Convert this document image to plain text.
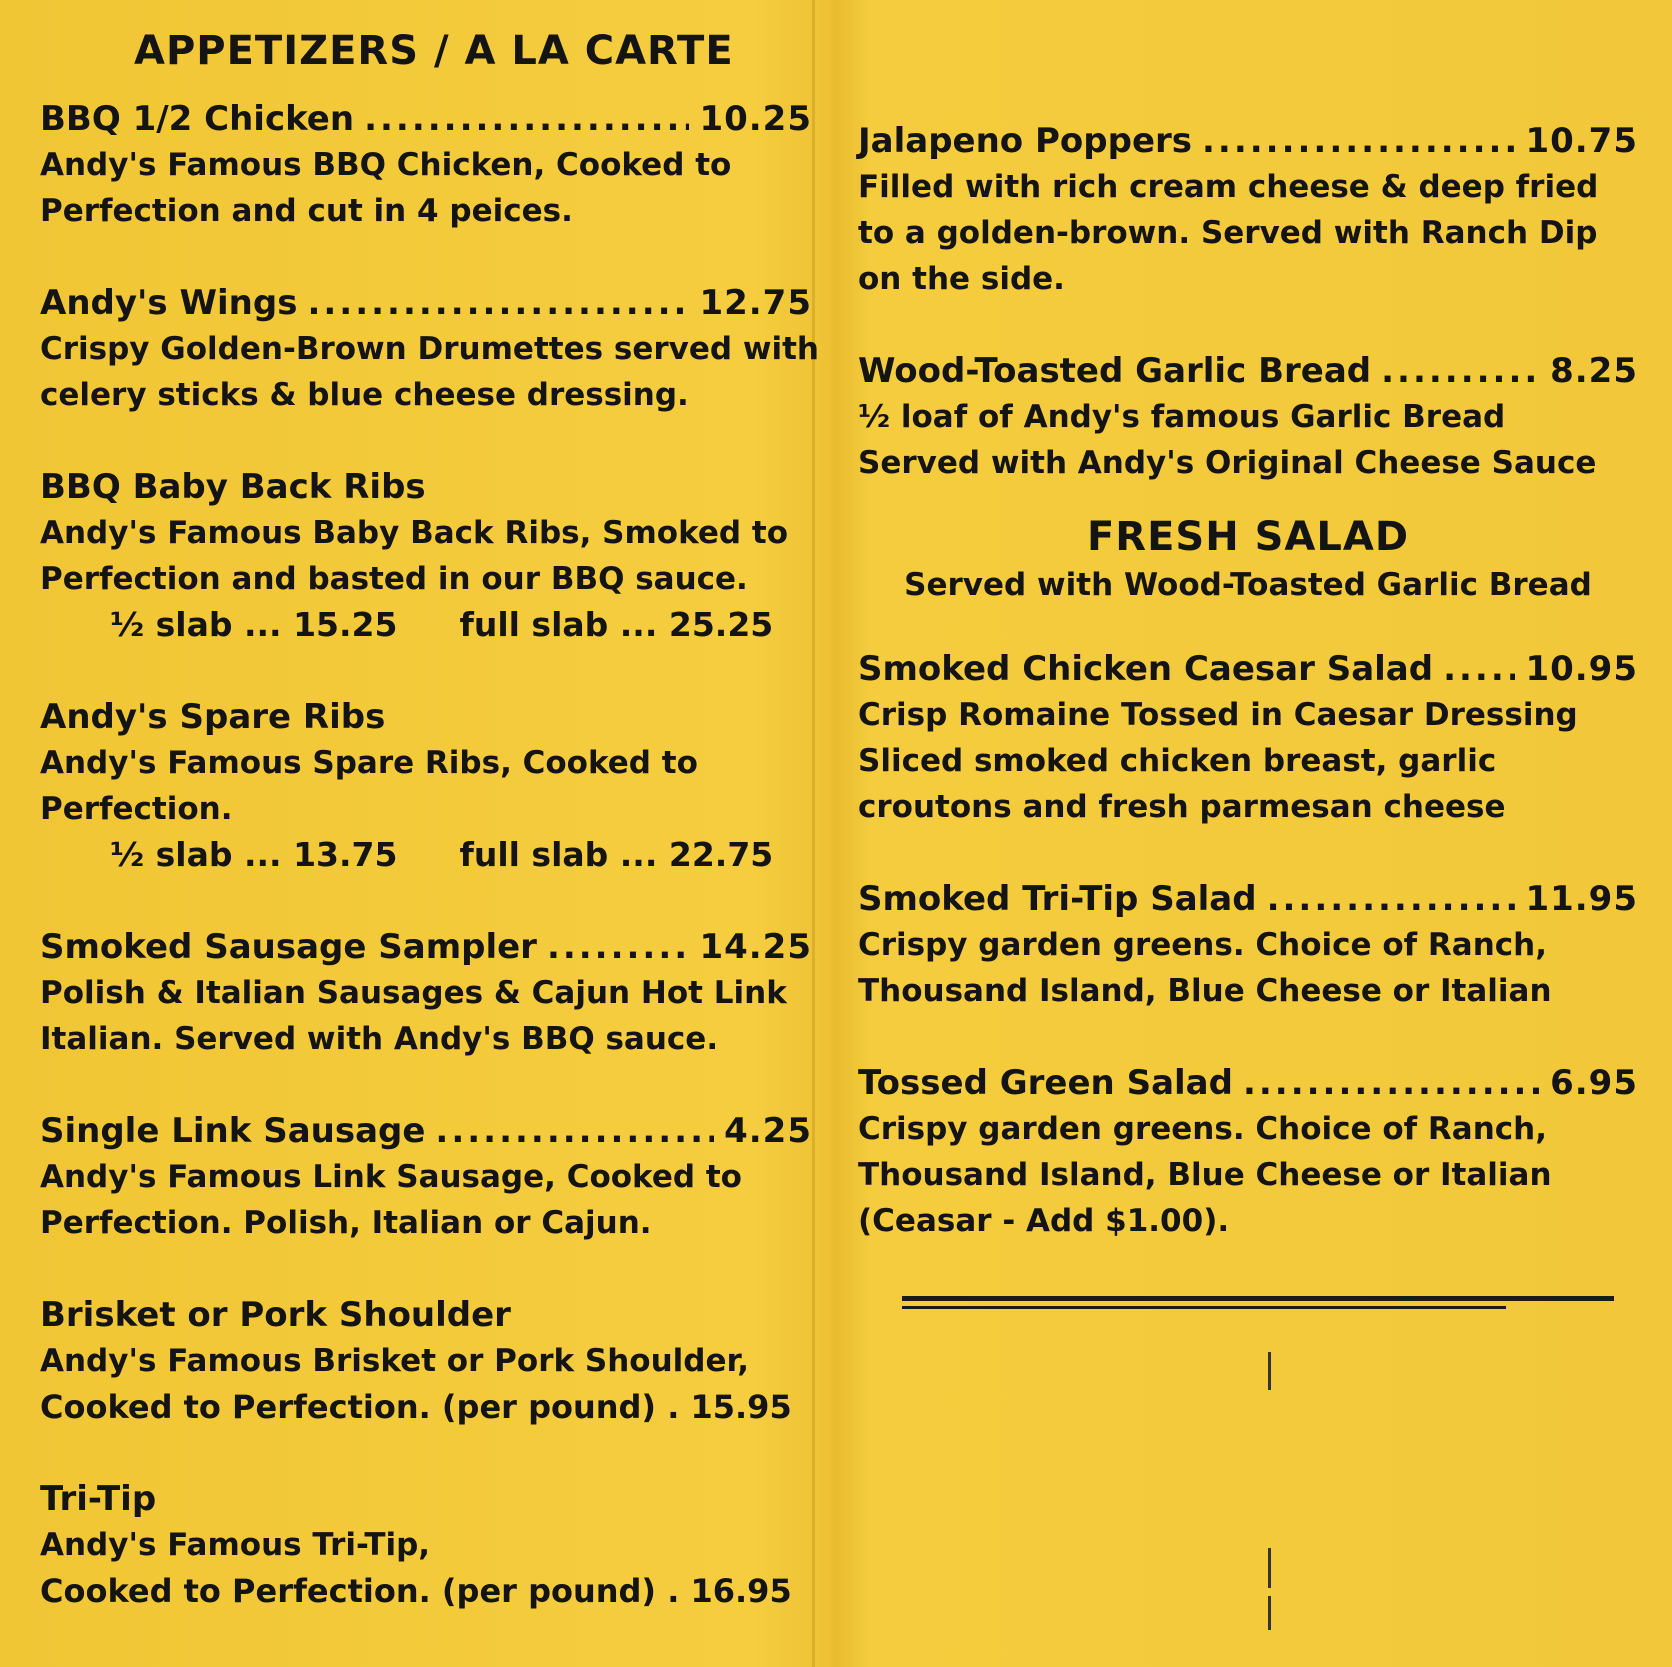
APPETIZERS / A LA CARTE
BBQ 1/2 Chicken .....	10.25
Andy's Famous BBQ Chicken, Cooked to
Perfection and cut in 4 peices.
Andy's Wings .....	12.75
Crispy Golden-Brown Drumettes served with
celery sticks & blue cheese dressing.
BBQ Baby Back Ribs
Andy's Famous Baby Back Ribs, Smoked to
Perfection and basted in our BBQ sauce.
½ slab ... 15.25 full slab ... 25.25
Andy's Spare Ribs
Andy's Famous Spare Ribs, Cooked to
Perfection.
½ slab ... 13.75 full slab ... 22.75
Smoked Sausage Sampler .....	14.25
Polish & Italian Sausages & Cajun Hot Link
Italian. Served with Andy's BBQ sauce.
Single Link Sausage .....	4.25
Andy's Famous Link Sausage, Cooked to
Perfection. Polish, Italian or Cajun.
Brisket or Pork Shoulder
Andy's Famous Brisket or Pork Shoulder,
Cooked to Perfection. (per pound) . 15.95
Tri-Tip
Andy's Famous Tri-Tip,
Cooked to Perfection. (per pound) . 16.95
Jalapeno Poppers .....	10.75
Filled with rich cream cheese & deep fried
to a golden-brown. Served with Ranch Dip
on the side.
Wood-Toasted Garlic Bread .....	8.25
½ loaf of Andy's famous Garlic Bread
Served with Andy's Original Cheese Sauce
FRESH SALAD
Served with Wood-Toasted Garlic Bread
Smoked Chicken Caesar Salad .....	10.95
Crisp Romaine Tossed in Caesar Dressing
Sliced smoked chicken breast, garlic
croutons and fresh parmesan cheese
Smoked Tri-Tip Salad .....	11.95
Crispy garden greens. Choice of Ranch,
Thousand Island, Blue Cheese or Italian
Tossed Green Salad .....	6.95
Crispy garden greens. Choice of Ranch,
Thousand Island, Blue Cheese or Italian
(Ceasar - Add $1.00).
